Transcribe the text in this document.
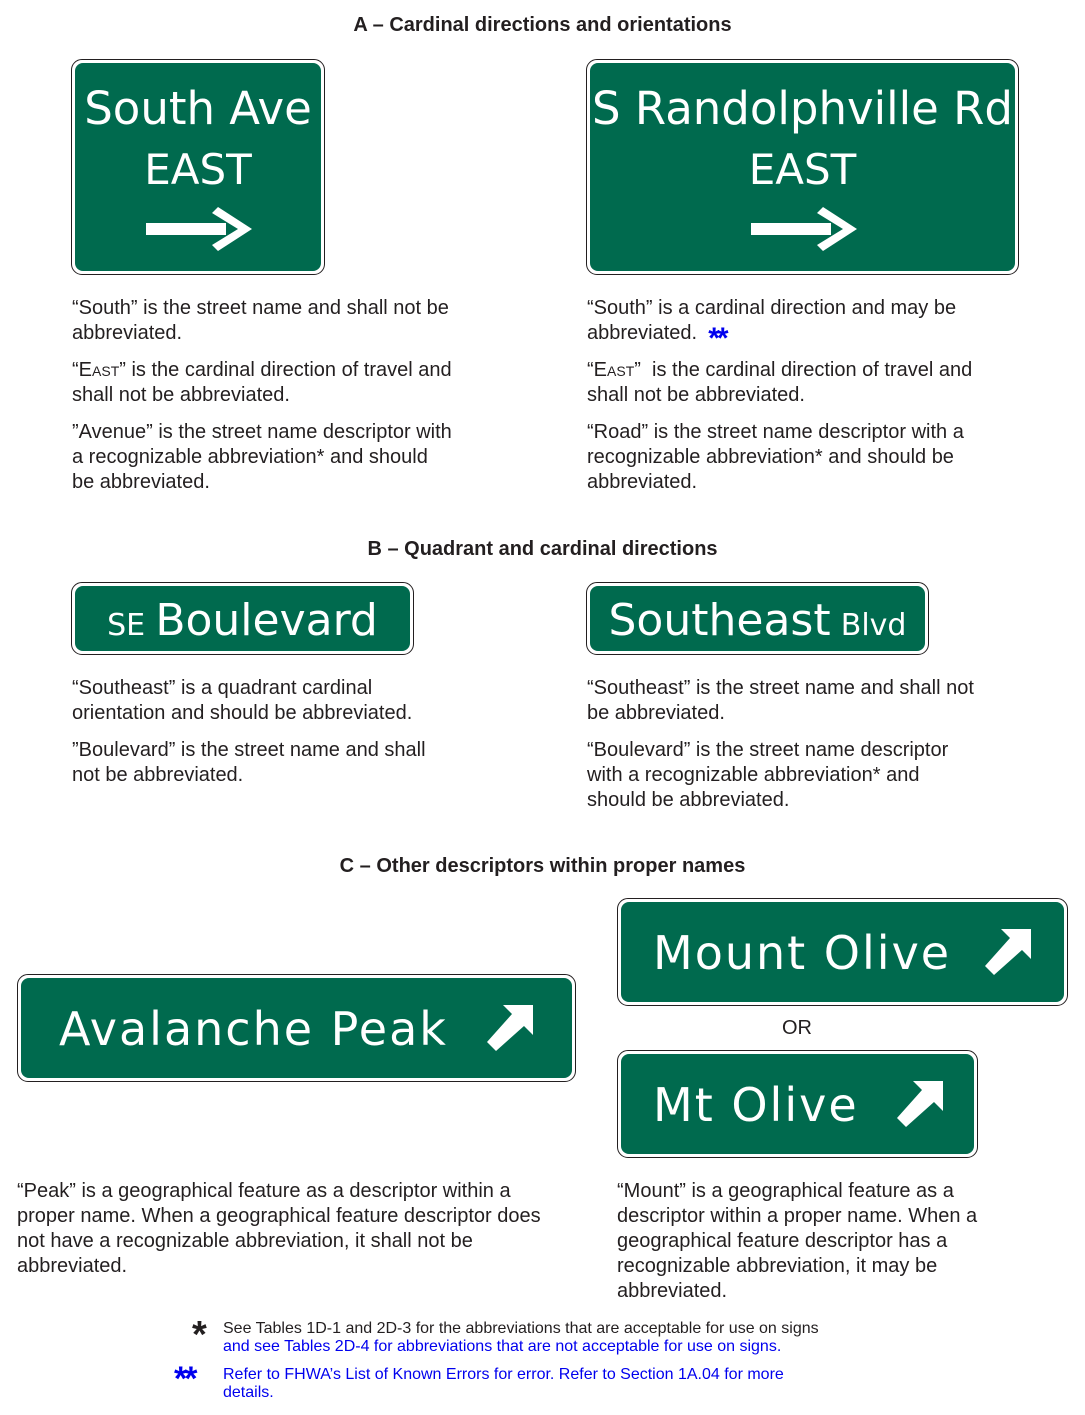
A – Cardinal directions and orientations
South Ave
EAST
S Randolphville Rd
EAST

“South” is the street name and shall not be abbreviated.

“East” is the cardinal direction of travel and shall not be abbreviated.

”Avenue” is the street name descriptor with a recognizable abbreviation* and should be abbreviated.

“South” is a cardinal direction and may be abbreviated. **

“East”  is the cardinal direction of travel and shall not be abbreviated.

“Road” is the street name descriptor with a recognizable abbreviation* and should be abbreviated.

B – Quadrant and cardinal directions
SE Boulevard	Southeast Blvd

“Southeast” is a quadrant cardinal orientation and should be abbreviated.

”Boulevard” is the street name and shall not be abbreviated.

“Southeast” is the street name and shall not be abbreviated.

“Boulevard” is the street name descriptor with a recognizable abbreviation* and should be abbreviated.

C – Other descriptors within proper names
Avalanche Peak
Mount Olive
OR
Mt Olive

“Peak” is a geographical feature as a descriptor within a proper name. When a geographical feature descriptor does not have a recognizable abbreviation, it shall not be abbreviated.

“Mount” is a geographical feature as a descriptor within a proper name. When a geographical feature descriptor has a recognizable abbreviation, it may be abbreviated.

* See Tables 1D-1 and 2D-3 for the abbreviations that are acceptable for use on signs
and see Tables 2D-4 for abbreviations that are not acceptable for use on signs.
** Refer to FHWA’s List of Known Errors for error. Refer to Section 1A.04 for more details.
